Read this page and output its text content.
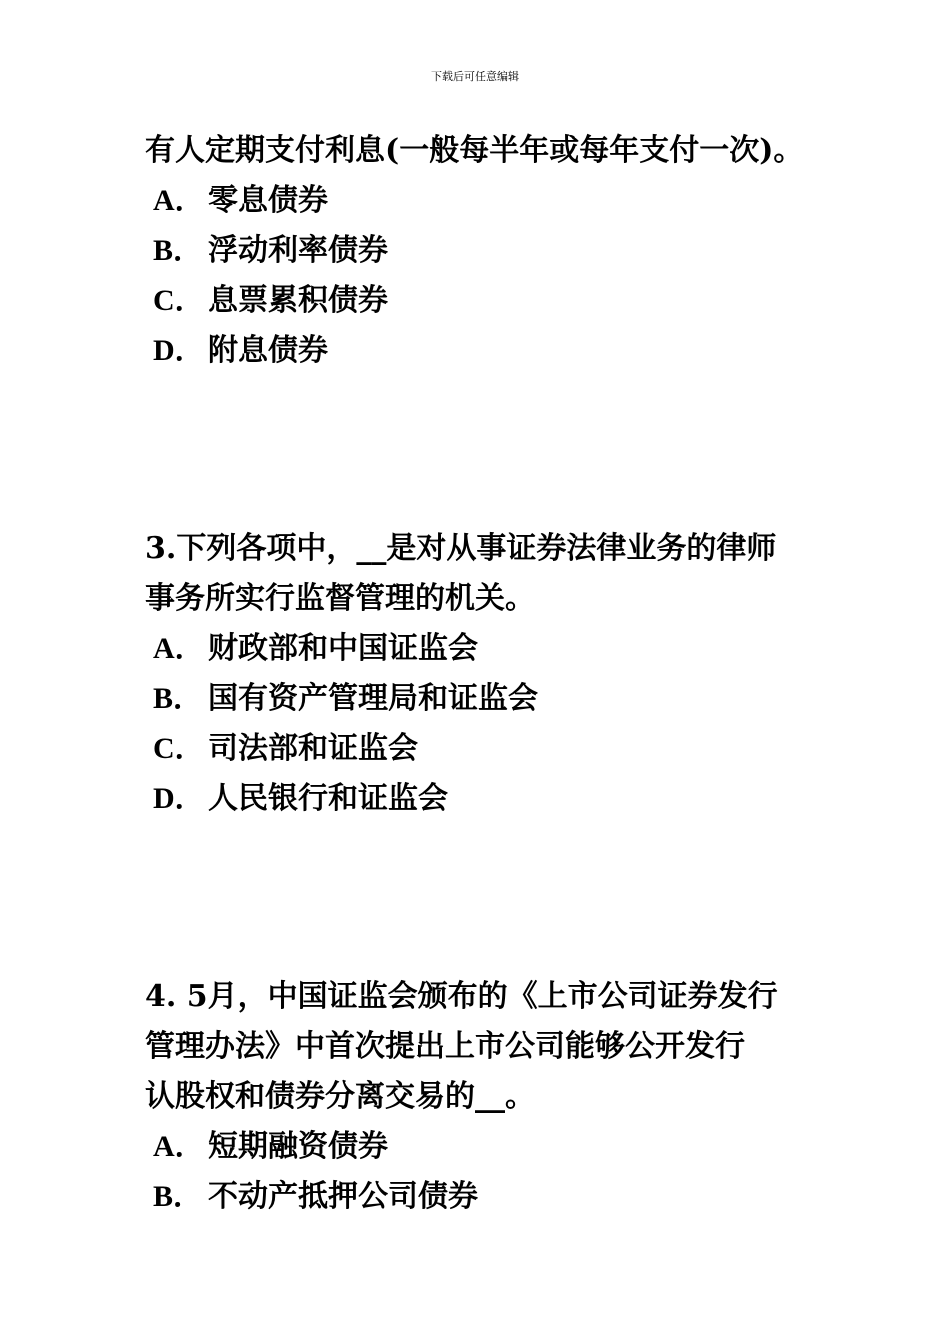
下载后可任意编辑
有人定期支付利息(一般每半年或每年支付一次)。
A． 零息债券
B． 浮动利率债券
C． 息票累积债券
D． 附息债券
3.下列各项中，__是对从事证券法律业务的律师
事务所实行监督管理的机关。
A． 财政部和中国证监会
B． 国有资产管理局和证监会
C． 司法部和证监会
D． 人民银行和证监会
4. 5月，中国证监会颁布的《上市公司证券发行
管理办法》中首次提出上市公司能够公开发行
认股权和债券分离交易的__。
A． 短期融资债券
B． 不动产抵押公司债券
